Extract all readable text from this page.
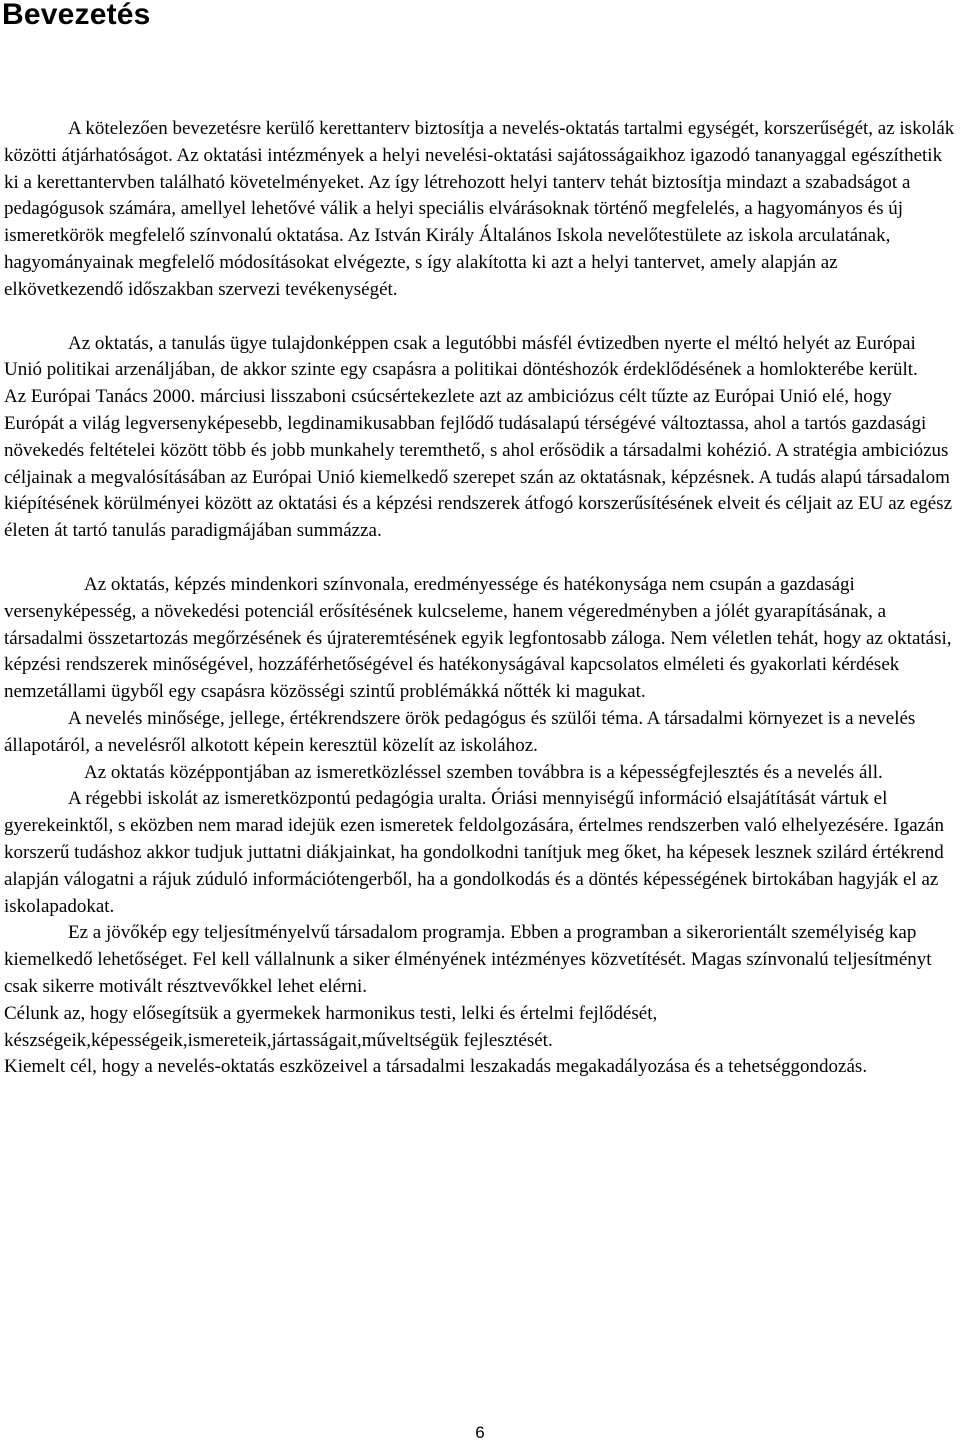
Bevezetés

A kötelezően bevezetésre kerülő kerettanterv biztosítja a nevelés-oktatás tartalmi egységét, korszerűségét, az iskolák közötti átjárhatóságot. Az oktatási intézmények a helyi nevelési-oktatási sajátosságaikhoz igazodó tananyaggal egészíthetik ki a kerettantervben található követelményeket. Az így létrehozott helyi tanterv tehát biztosítja mindazt a szabadságot a pedagógusok számára, amellyel lehetővé válik a helyi speciális elvárásoknak történő megfelelés, a hagyományos és új ismeretkörök megfelelő színvonalú oktatása. Az István Király Általános Iskola nevelőtestülete az iskola arculatának, hagyományainak megfelelő módosításokat elvégezte, s így alakította ki azt a helyi tantervet, amely alapján az elkövetkezendő időszakban szervezi tevékenységét.

Az oktatás, a tanulás ügye tulajdonképpen csak a legutóbbi másfél évtizedben nyerte el méltó helyét az Európai Unió politikai arzenáljában, de akkor szinte egy csapásra a politikai döntéshozók érdeklődésének a homlokterébe került.

Az Európai Tanács 2000. márciusi lisszaboni csúcsértekezlete azt az ambiciózus célt tűzte az Európai Unió elé, hogy Európát a világ legversenyképesebb, legdinamikusabban fejlődő tudásalapú térségévé változtassa, ahol a tartós gazdasági növekedés feltételei között több és jobb munkahely teremthető, s ahol erősödik a társadalmi kohézió. A stratégia ambiciózus céljainak a megvalósításában az Európai Unió kiemelkedő szerepet szán az oktatásnak, képzésnek. A tudás alapú társadalom kiépítésének körülményei között az oktatási és a képzési rendszerek átfogó korszerűsítésének elveit és céljait az EU az egész életen át tartó tanulás paradigmájában summázza.

Az oktatás, képzés mindenkori színvonala, eredményessége és hatékonysága nem csupán a gazdasági versenyképesség, a növekedési potenciál erősítésének kulcseleme, hanem végeredményben a jólét gyarapításának, a társadalmi összetartozás megőrzésének és újrateremtésének egyik legfontosabb záloga. Nem véletlen tehát, hogy az oktatási, képzési rendszerek minőségével, hozzáférhetőségével és hatékonyságával kapcsolatos elméleti és gyakorlati kérdések nemzetállami ügyből egy csapásra közösségi szintű problémákká nőtték ki magukat.

A nevelés minősége, jellege, értékrendszere örök pedagógus és szülői téma. A társadalmi környezet is a nevelés állapotáról, a nevelésről alkotott képein keresztül közelít az iskolához.

Az oktatás középpontjában az ismeretközléssel szemben továbbra is a képességfejlesztés és a nevelés áll.

A régebbi iskolát az ismeretközpontú pedagógia uralta. Óriási mennyiségű információ elsajátítását vártuk el gyerekeinktől, s eközben nem marad idejük ezen ismeretek feldolgozására, értelmes rendszerben való elhelyezésére. Igazán korszerű tudáshoz akkor tudjuk juttatni diákjainkat, ha gondolkodni tanítjuk meg őket, ha képesek lesznek szilárd értékrend alapján válogatni a rájuk zúduló információtengerből, ha a gondolkodás és a döntés képességének birtokában hagyják el az iskolapadokat.

Ez a jövőkép egy teljesítményelvű társadalom programja. Ebben a programban a sikerorientált személyiség kap kiemelkedő lehetőséget. Fel kell vállalnunk a siker élményének intézményes közvetítését. Magas színvonalú teljesítményt csak sikerre motivált résztvevőkkel lehet elérni.

Célunk az, hogy elősegítsük a gyermekek harmonikus testi, lelki és értelmi fejlődését, készségeik,képességeik,ismereteik,jártasságait,műveltségük fejlesztését.

Kiemelt cél, hogy a nevelés-oktatás eszközeivel a társadalmi leszakadás megakadályozása és a tehetséggondozás.

6
